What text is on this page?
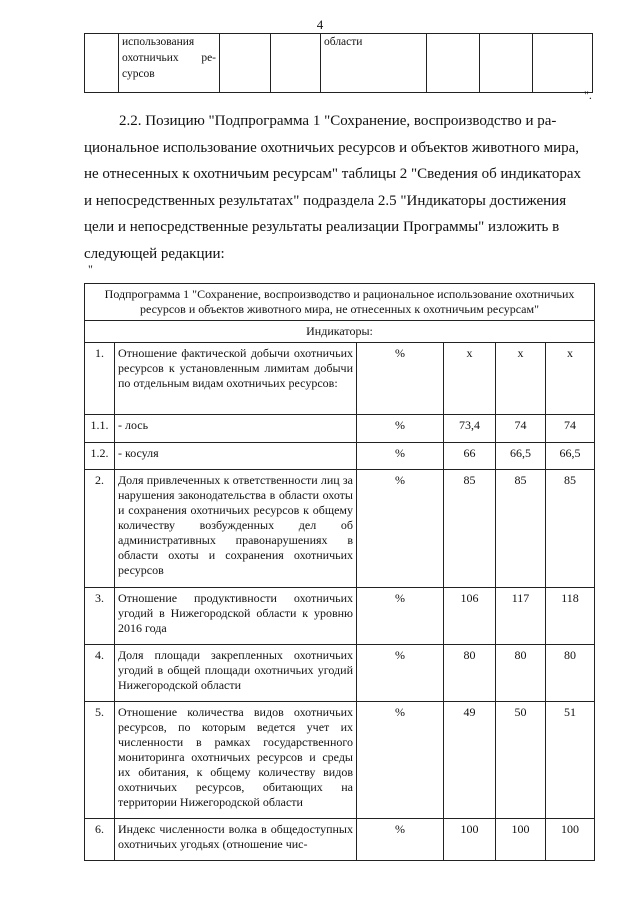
4
	использования охотничьих ре-сурсов			области			
".
2.2. Позицию "Подпрограмма 1 "Сохранение, воспроизводство и ра-
циональное использование охотничьих ресурсов и объектов животного мира,
не отнесенных к охотничьим ресурсам" таблицы 2 "Сведения об индикаторах
и непосредственных результатах" подраздела 2.5 "Индикаторы достижения
цели и непосредственные результаты реализации Программы" изложить в
следующей редакции:
"
Подпрограмма 1 "Сохранение, воспроизводство и рациональное использование охотничьих ресурсов и объектов животного мира, не отнесенных к охотничьим ресурсам"					
Индикаторы:					
1.	Отношение фактической добычи охотничьих ресурсов к установленным лимитам добычи по отдельным видам охотничьих ресурсов:	%	х	х	х
1.1.	- лось	%	73,4	74	74
1.2.	- косуля	%	66	66,5	66,5
2.	Доля привлеченных к ответственности лиц за нарушения законодательства в области охоты и сохранения охотничьих ресурсов к общему количеству возбужденных дел об административных правонарушениях в области охоты и сохранения охотничьих ресурсов	%	85	85	85
3.	Отношение продуктивности охотничьих угодий в Нижегородской области к уровню 2016 года	%	106	117	118
4.	Доля площади закрепленных охотничьих угодий в общей площади охотничьих угодий Нижегородской области	%	80	80	80
5.	Отношение количества видов охотничьих ресурсов, по которым ведется учет их численности в рамках государственного мониторинга охотничьих ресурсов и среды их обитания, к общему количеству видов охотничьих ресурсов, обитающих на территории Нижегородской области	%	49	50	51
6.	Индекс численности волка в общедоступных охотничьих угодьях (отношение чис-	%	100	100	100
